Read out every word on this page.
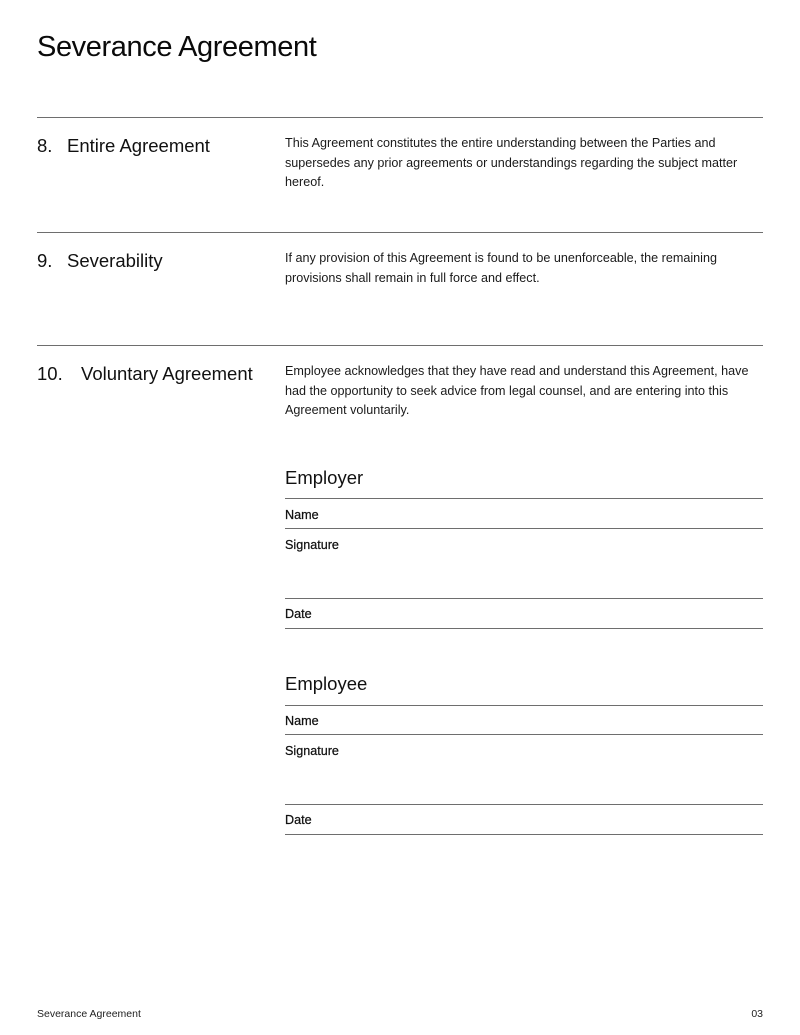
Severance Agreement
8. Entire Agreement	This Agreement constitutes the entire understanding between the Parties and supersedes any prior agreements or understandings regarding the subject matter hereof.

9. Severability	If any provision of this Agreement is found to be unenforceable, the remaining provisions shall remain in full force and effect.

10. Voluntary Agreement	Employee acknowledges that they have read and understand this Agreement, have had the opportunity to seek advice from legal counsel, and are entering into this Agreement voluntarily.

Employer
Name
Signature
Date
Employee
Name
Signature
Date
Severance Agreement	03
